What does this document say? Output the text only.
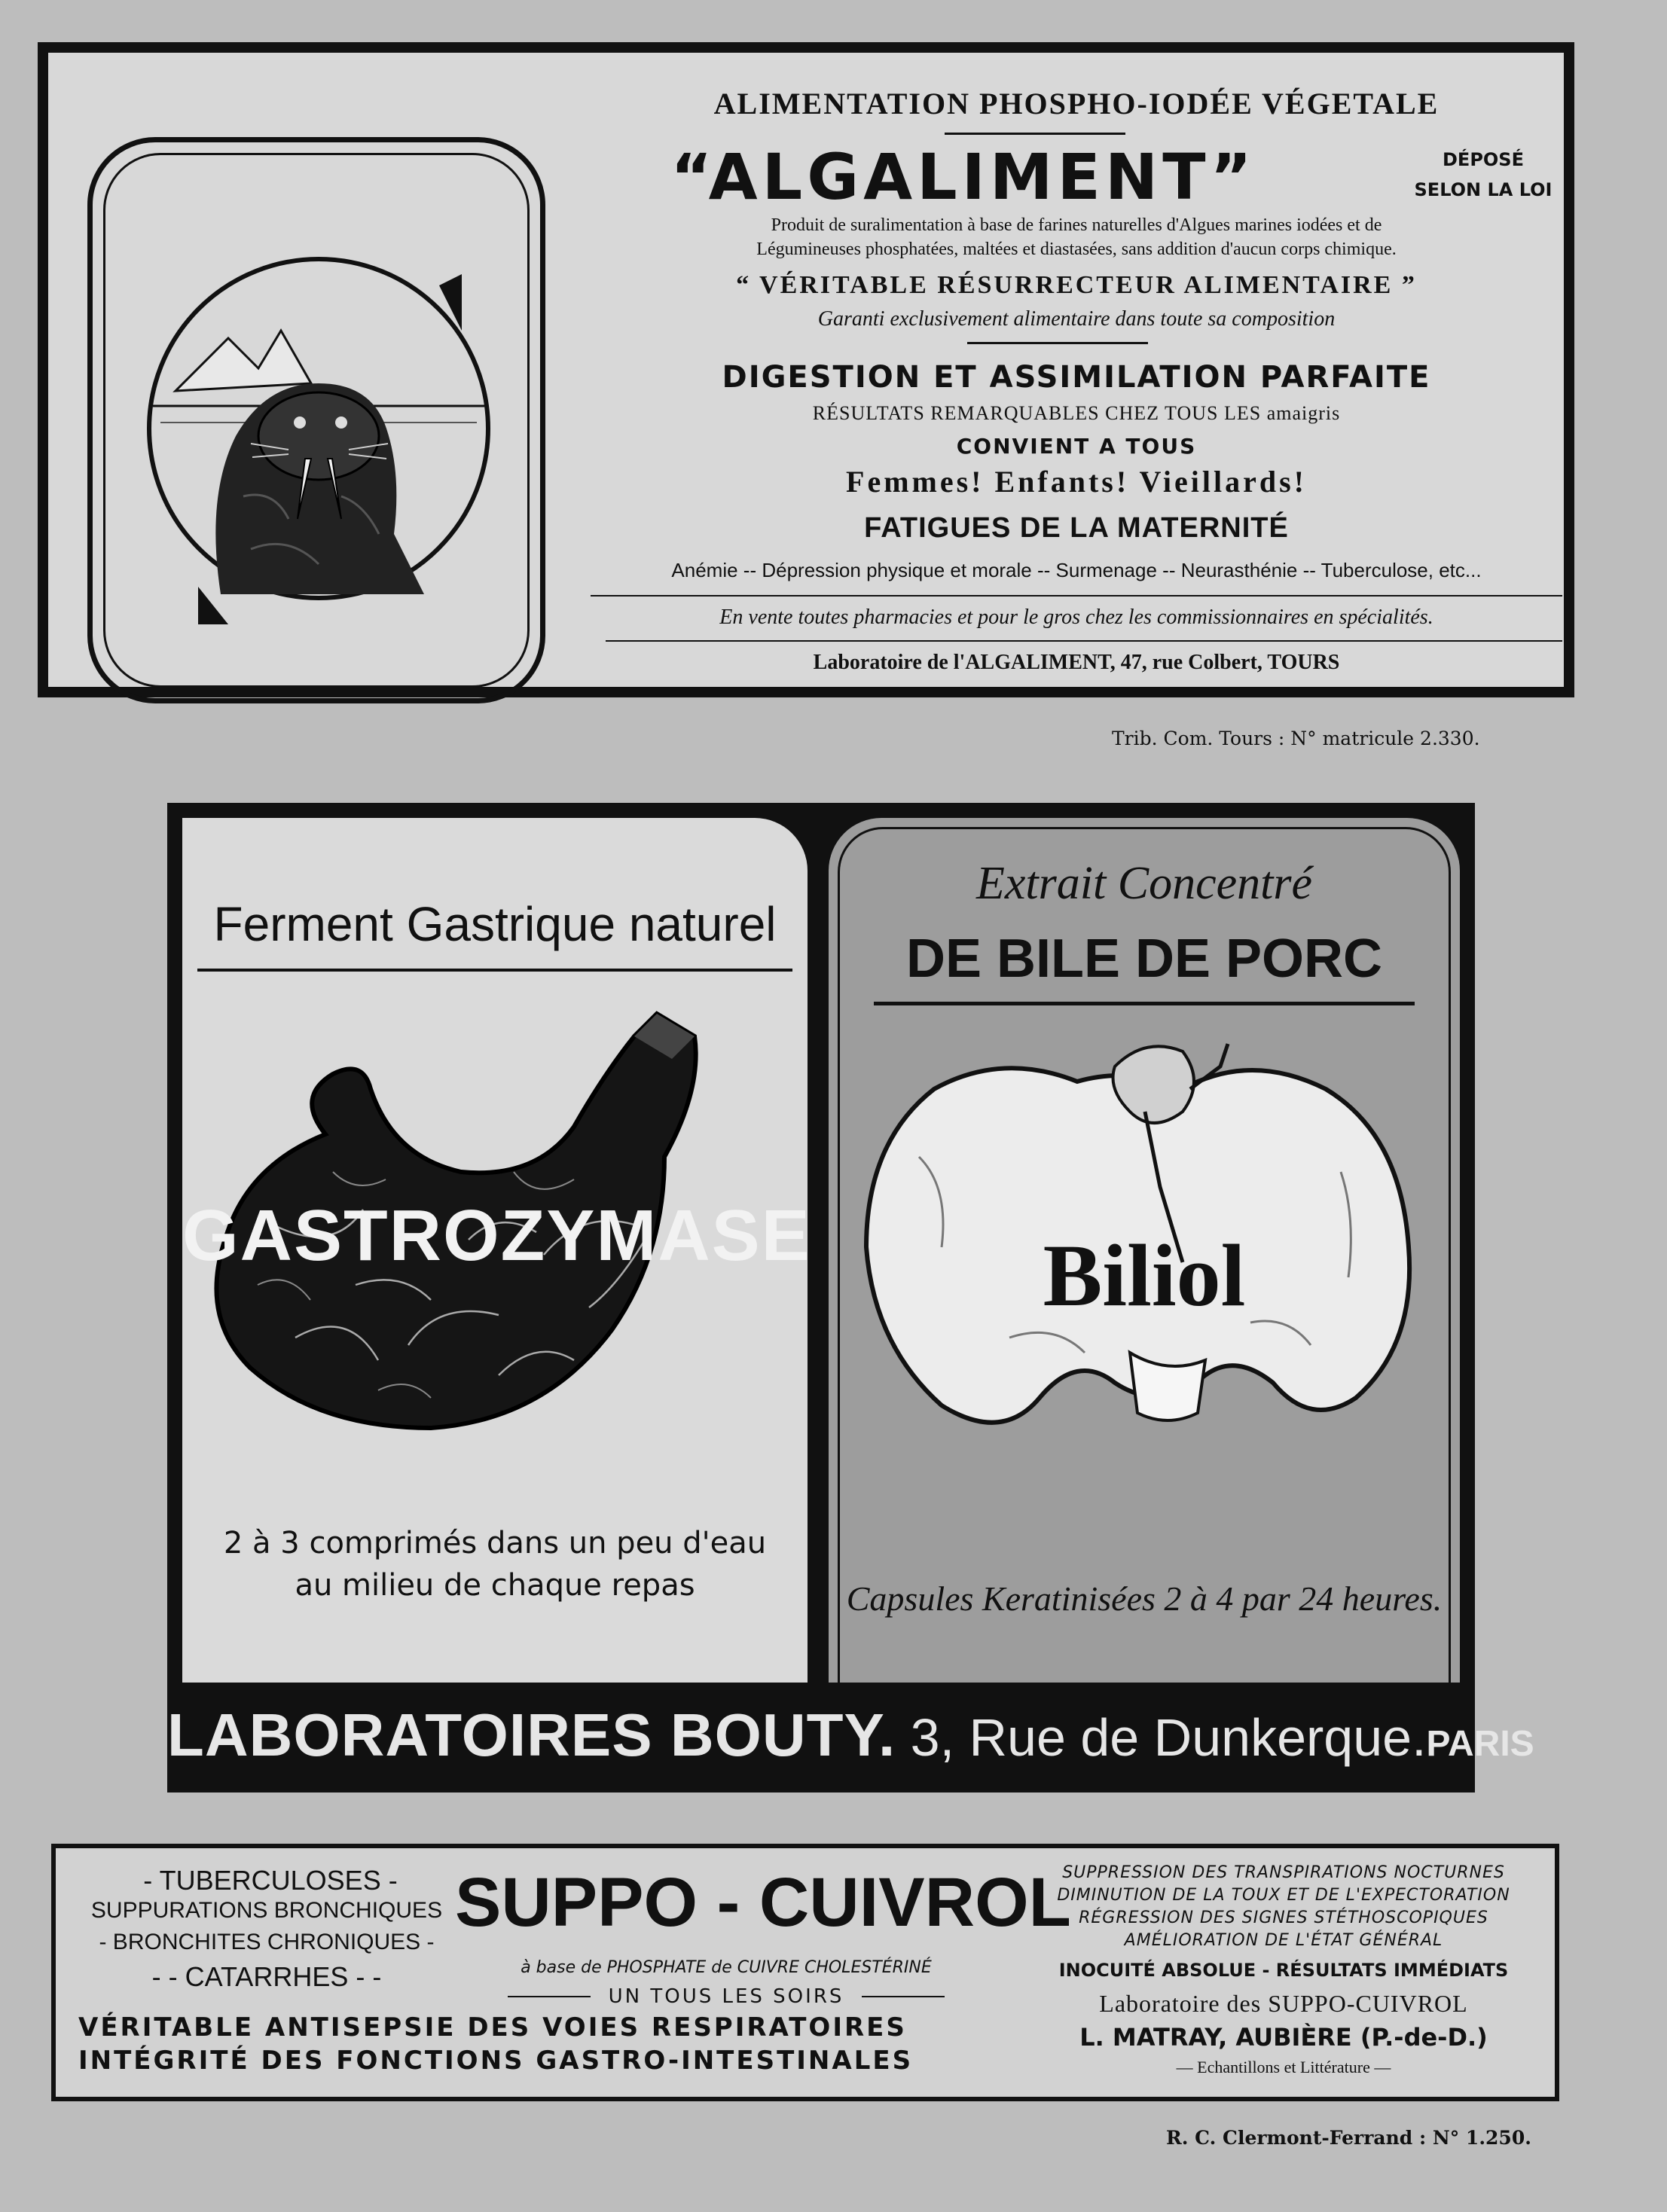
ALIMENTATION PHOSPHO-IODÉE VÉGETALE
“ALGALIMENT”	DÉPOSÉ
SELON LA LOI
Produit de suralimentation à base de farines naturelles d'Algues marines iodées et de
Légumineuses phosphatées, maltées et diastasées, sans addition d'aucun corps chimique.
“ VÉRITABLE RÉSURRECTEUR ALIMENTAIRE ”
Garanti exclusivement alimentaire dans toute sa composition
DIGESTION ET ASSIMILATION PARFAITE
RÉSULTATS REMARQUABLES CHEZ TOUS LES amaigris
CONVIENT A TOUS
Femmes! Enfants! Vieillards!
FATIGUES DE LA MATERNITÉ
Anémie -- Dépression physique et morale -- Surmenage -- Neurasthénie -- Tuberculose, etc...
En vente toutes pharmacies et pour le gros chez les commissionnaires en spécialités.
Laboratoire de l'ALGALIMENT, 47, rue Colbert, TOURS
Trib. Com. Tours : N° matricule 2.330.
Ferment Gastrique naturel
GASTROZYMASE
2 à 3 comprimés dans un peu d'eau
au milieu de chaque repas
Extrait Concentré
DE BILE DE PORC
Biliol
Capsules Keratinisées 2 à 4 par 24 heures.
LABORATOIRES BOUTY. 3, Rue de Dunkerque.PARIS
- TUBERCULOSES -
SUPPURATIONS BRONCHIQUES
- BRONCHITES CHRONIQUES -
- - CATARRHES - -
SUPPO - CUIVROL
à base de PHOSPHATE de CUIVRE CHOLESTÉRINÉ
UN TOUS LES SOIRS
VÉRITABLE ANTISEPSIE DES VOIES RESPIRATOIRES
INTÉGRITÉ DES FONCTIONS GASTRO-INTESTINALES
SUPPRESSION DES TRANSPIRATIONS NOCTURNES
DIMINUTION DE LA TOUX ET DE L'EXPECTORATION
RÉGRESSION DES SIGNES STÉTHOSCOPIQUES
AMÉLIORATION DE L'ÉTAT GÉNÉRAL
INOCUITÉ ABSOLUE - RÉSULTATS IMMÉDIATS
Laboratoire des SUPPO-CUIVROL
L. MATRAY, AUBIÈRE (P.-de-D.)
— Echantillons et Littérature —
R. C. Clermont-Ferrand : N° 1.250.
